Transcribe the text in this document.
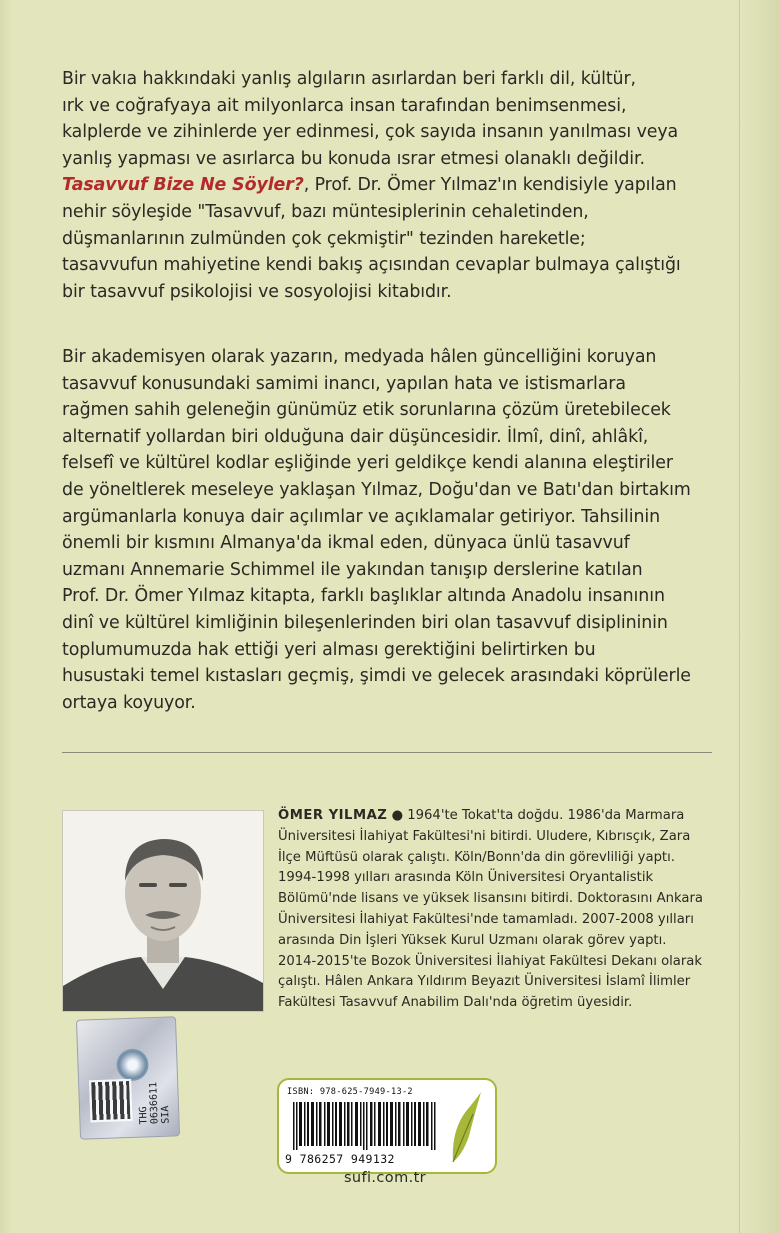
Bir vakıa hakkındaki yanlış algıların asırlardan beri farklı dil, kültür,
ırk ve coğrafyaya ait milyonlarca insan tarafından benimsenmesi,
kalplerde ve zihinlerde yer edinmesi, çok sayıda insanın yanılması veya
yanlış yapması ve asırlarca bu konuda ısrar etmesi olanaklı değildir.
Tasavvuf Bize Ne Söyler?, Prof. Dr. Ömer Yılmaz'ın kendisiyle yapılan
nehir söyleşide "Tasavvuf, bazı müntesiplerinin cehaletinden,
düşmanlarının zulmünden çok çekmiştir" tezinden hareketle;
tasavvufun mahiyetine kendi bakış açısından cevaplar bulmaya çalıştığı
bir tasavvuf psikolojisi ve sosyolojisi kitabıdır.

Bir akademisyen olarak yazarın, medyada hâlen güncelliğini koruyan
tasavvuf konusundaki samimi inancı, yapılan hata ve istismarlara
rağmen sahih geleneğin günümüz etik sorunlarına çözüm üretebilecek
alternatif yollardan biri olduğuna dair düşüncesidir. İlmî, dinî, ahlâkî,
felsefî ve kültürel kodlar eşliğinde yeri geldikçe kendi alanına eleştiriler
de yöneltlerek meseleye yaklaşan Yılmaz, Doğu'dan ve Batı'dan birtakım
argümanlarla konuya dair açılımlar ve açıklamalar getiriyor. Tahsilinin
önemli bir kısmını Almanya'da ikmal eden, dünyaca ünlü tasavvuf
uzmanı Annemarie Schimmel ile yakından tanışıp derslerine katılan
Prof. Dr. Ömer Yılmaz kitapta, farklı başlıklar altında Anadolu insanının
dinî ve kültürel kimliğinin bileşenlerinden biri olan tasavvuf disiplininin
toplumumuzda hak ettiği yeri alması gerektiğini belirtirken bu
husustaki temel kıstasları geçmiş, şimdi ve gelecek arasındaki köprülerle
ortaya koyuyor.

ÖMER YILMAZ ● 1964'te Tokat'ta doğdu. 1986'da Marmara
Üniversitesi İlahiyat Fakültesi'ni bitirdi. Uludere, Kıbrısçık, Zara
İlçe Müftüsü olarak çalıştı. Köln/Bonn'da din görevliliği yaptı.
1994-1998 yılları arasında Köln Üniversitesi Oryantalistik
Bölümü'nde lisans ve yüksek lisansını bitirdi. Doktorasını Ankara
Üniversitesi İlahiyat Fakültesi'nde tamamladı. 2007-2008 yılları
arasında Din İşleri Yüksek Kurul Uzmanı olarak görev yaptı.
2014-2015'te Bozok Üniversitesi İlahiyat Fakültesi Dekanı olarak
çalıştı. Hâlen Ankara Yıldırım Beyazıt Üniversitesi İslamî İlimler
Fakültesi Tasavvuf Anabilim Dalı'nda öğretim üyesidir.

THG
0636611
SIA
ISBN: 978-625-7949-13-2
9 786257 949132
sufi.com.tr
